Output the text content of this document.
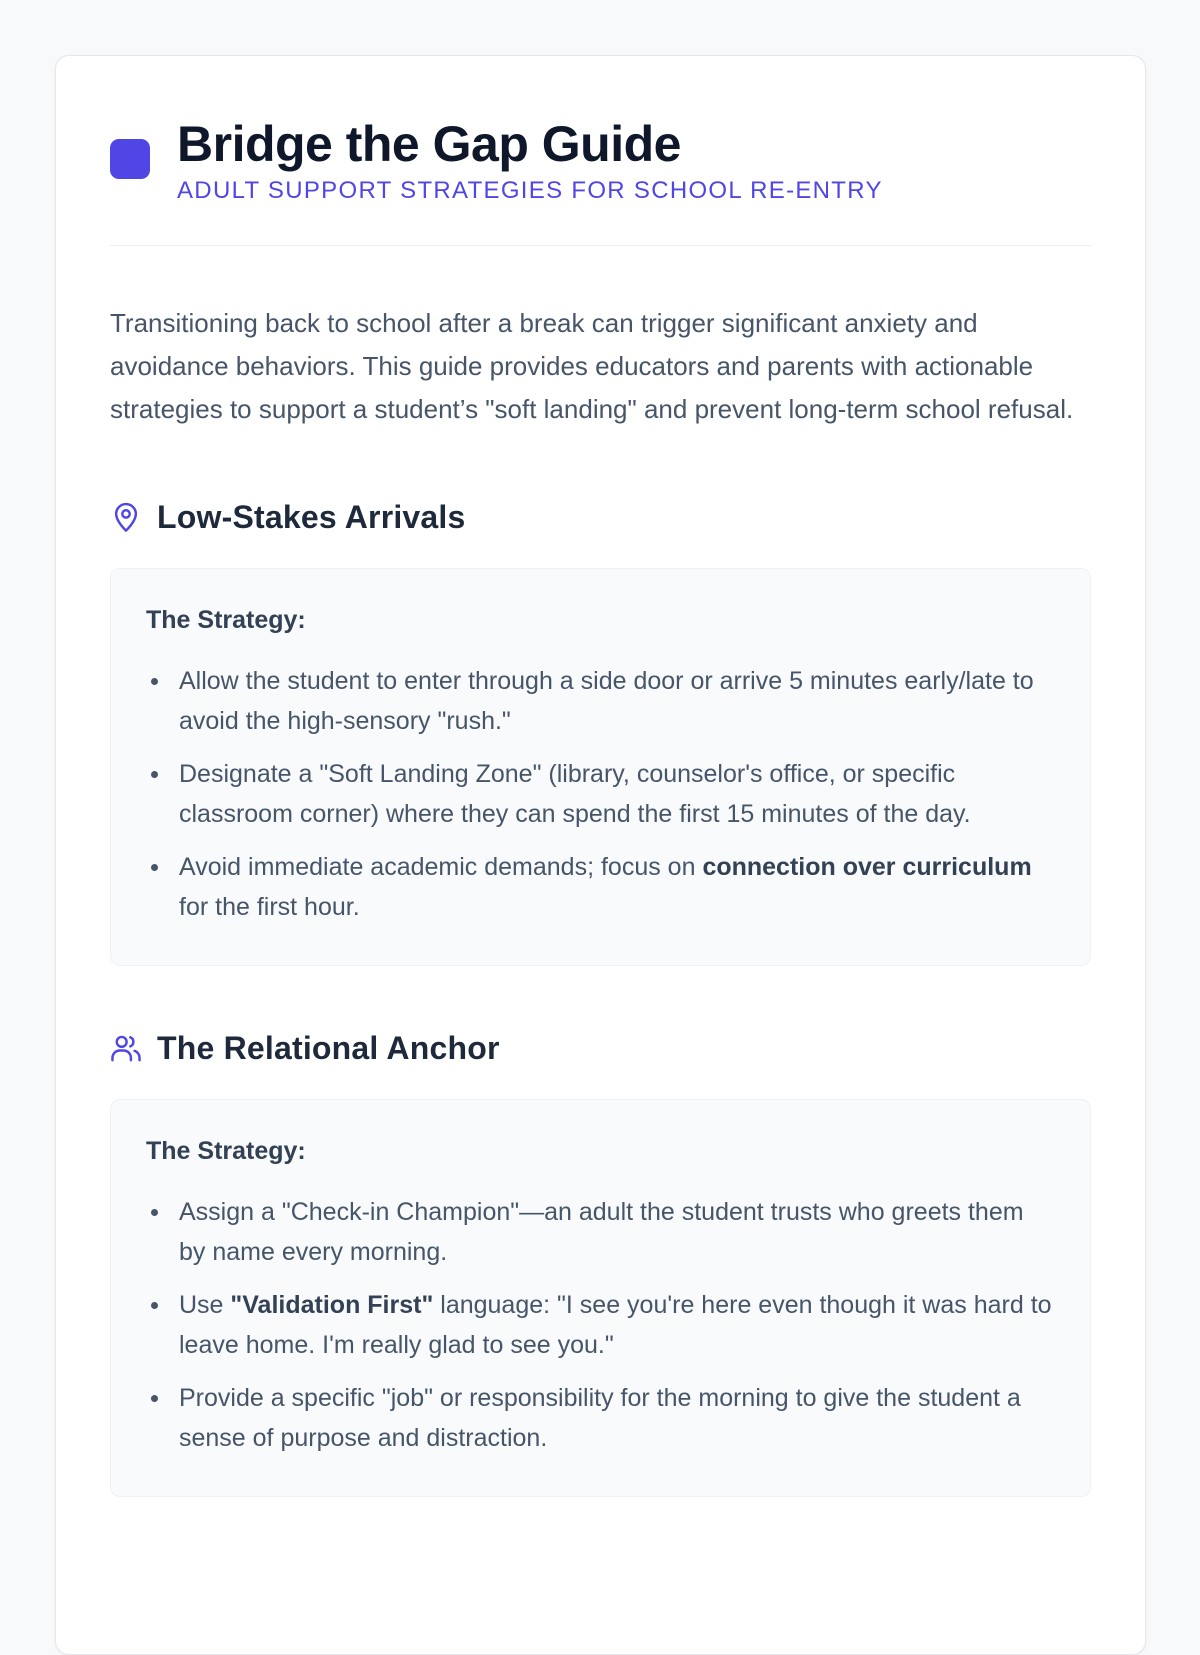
Bridge the Gap Guide
ADULT SUPPORT STRATEGIES FOR SCHOOL RE-ENTRY

Transitioning back to school after a break can trigger significant anxiety and avoidance behaviors. This guide provides educators and parents with actionable strategies to support a student’s "soft landing" and prevent long-term school refusal.

Low-Stakes Arrivals
The Strategy:
Allow the student to enter through a side door or arrive 5 minutes early/late to avoid the high-sensory "rush."
Designate a "Soft Landing Zone" (library, counselor's office, or specific classroom corner) where they can spend the first 15 minutes of the day.
Avoid immediate academic demands; focus on connection over curriculum for the first hour.
The Relational Anchor
The Strategy:
Assign a "Check-in Champion"—an adult the student trusts who greets them by name every morning.
Use "Validation First" language: "I see you're here even though it was hard to leave home. I'm really glad to see you."
Provide a specific "job" or responsibility for the morning to give the student a sense of purpose and distraction.
